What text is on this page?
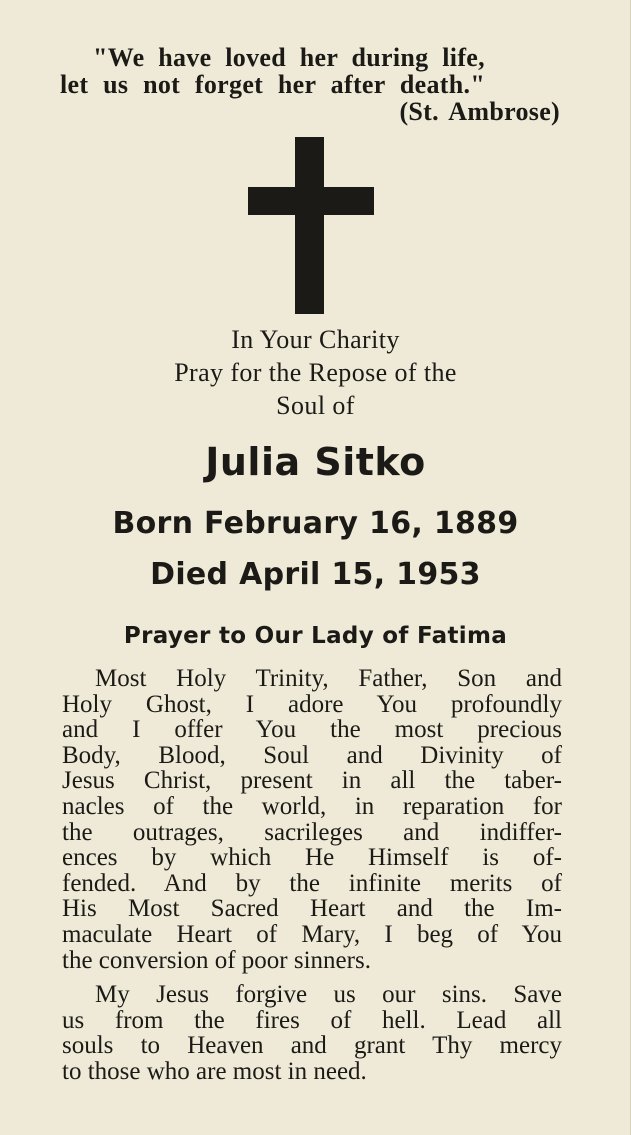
"We have loved her during life,
let us not forget her after death."
(St. Ambrose)
In Your Charity
Pray for the Repose of the
Soul of
Julia Sitko
Born February 16, 1889
Died April 15, 1953
Prayer to Our Lady of Fatima
Most Holy Trinity, Father, Son and
Holy Ghost, I adore You profoundly
and I offer You the most precious
Body, Blood, Soul and Divinity of
Jesus Christ, present in all the taber-
nacles of the world, in reparation for
the outrages, sacrileges and indiffer-
ences by which He Himself is of-
fended. And by the infinite merits of
His Most Sacred Heart and the Im-
maculate Heart of Mary, I beg of You
the conversion of poor sinners.
My Jesus forgive us our sins. Save
us from the fires of hell. Lead all
souls to Heaven and grant Thy mercy
to those who are most in need.
